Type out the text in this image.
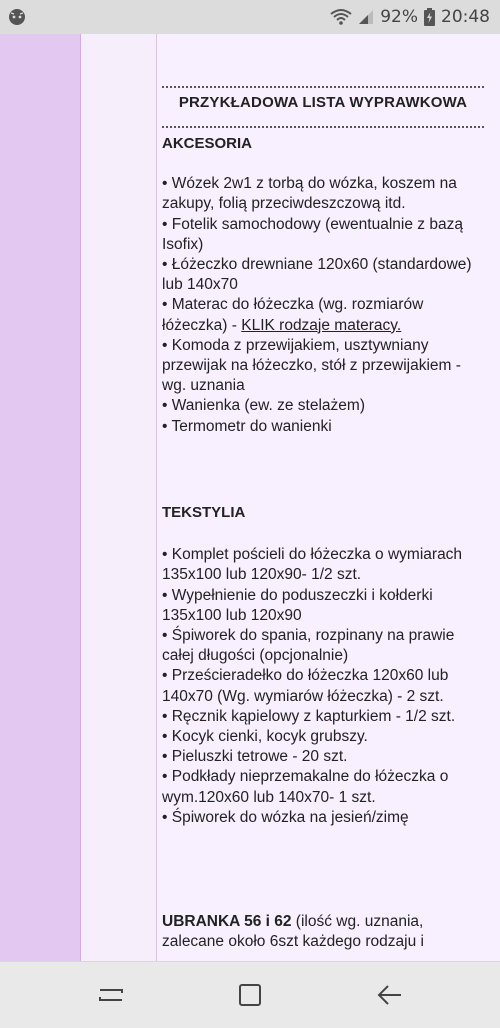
92% 20:48
PRZYKŁADOWA LISTA WYPRAWKOWA
AKCESORIA

• Wózek 2w1 z torbą do wózka, koszem na zakupy, folią przeciwdeszczową itd.

• Fotelik samochodowy (ewentualnie z bazą Isofix)

• Łóżeczko drewniane 120x60 (standardowe) lub 140x70

• Materac do łóżeczka (wg. rozmiarów łóżeczka) - KLIK rodzaje materacy.

• Komoda z przewijakiem, usztywniany przewijak na łóżeczko, stół z przewijakiem - wg. uznania

• Wanienka (ew. ze stelażem)

• Termometr do wanienki

TEKSTYLIA

• Komplet pościeli do łóżeczka o wymiarach 135x100 lub 120x90- 1/2 szt.

• Wypełnienie do poduszeczki i kołderki 135x100 lub 120x90

• Śpiworek do spania, rozpinany na prawie całej długości (opcjonalnie)

• Prześcieradełko do łóżeczka 120x60 lub 140x70 (Wg. wymiarów łóżeczka) - 2 szt.

• Ręcznik kąpielowy z kapturkiem - 1/2 szt.

• Kocyk cienki, kocyk grubszy.

• Pieluszki tetrowe - 20 szt.

• Podkłady nieprzemakalne do łóżeczka o wym.120x60 lub 140x70- 1 szt.

• Śpiworek do wózka na jesień/zimę

UBRANKA 56 i 62 (ilość wg. uznania, zalecane około 6szt każdego rodzaju i
